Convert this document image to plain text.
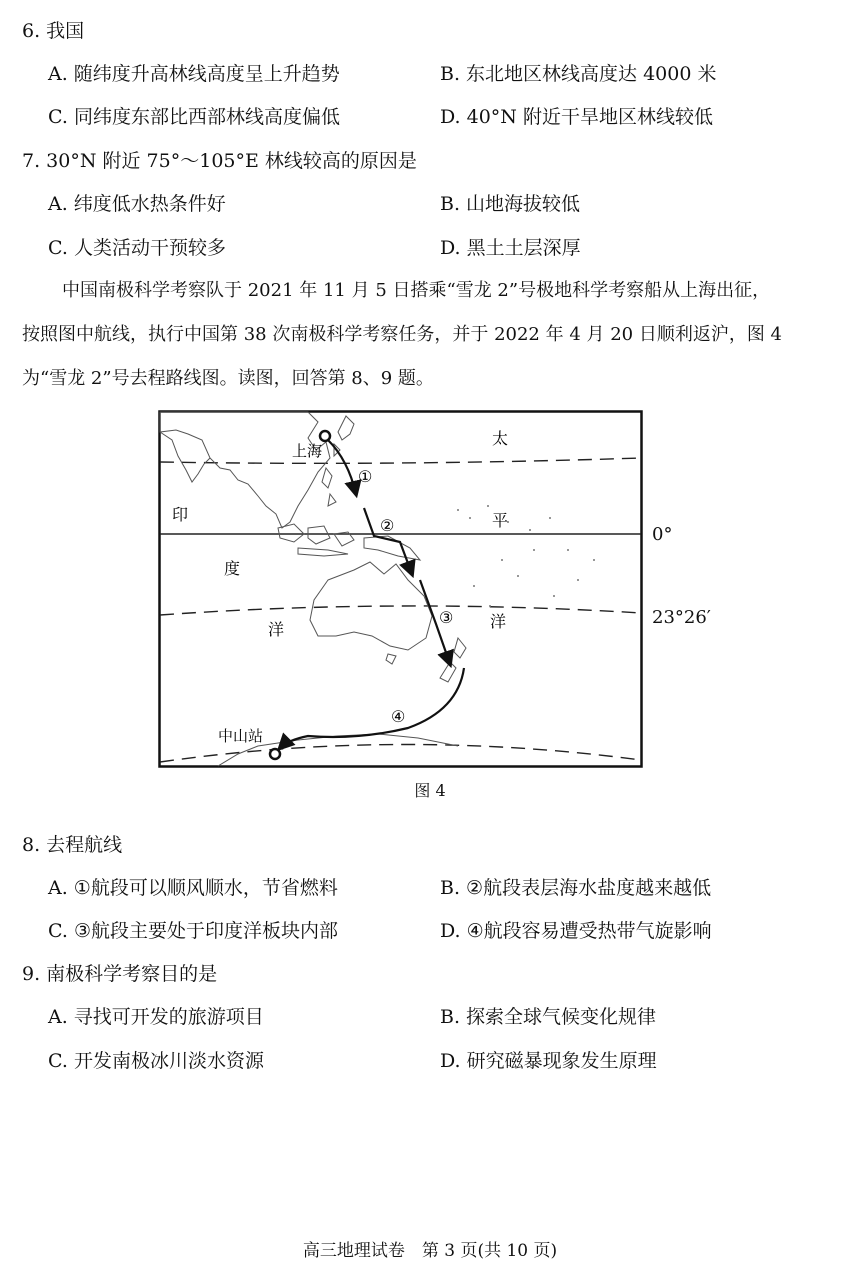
6. 我国
A. 随纬度升高林线高度呈上升趋势	B. 东北地区林线高度达 4000 米
C. 同纬度东部比西部林线高度偏低	D. 40°N 附近干旱地区林线较低
7. 30°N 附近 75°～105°E 林线较高的原因是
A. 纬度低水热条件好	B. 山地海拔较低
C. 人类活动干预较多	D. 黑土土层深厚
中国南极科学考察队于 2021 年 11 月 5 日搭乘“雪龙 2”号极地科学考察船从上海出征，
按照图中航线，执行中国第 38 次南极科学考察任务，并于 2022 年 4 月 20 日顺利返沪，图 4
为“雪龙 2”号去程路线图。读图，回答第 8、9 题。
上海
中山站
①
②
③
④
太
平
洋
印
度
洋
0°
23°26′
图 4
8. 去程航线
A. ①航段可以顺风顺水，节省燃料	B. ②航段表层海水盐度越来越低
C. ③航段主要处于印度洋板块内部	D. ④航段容易遭受热带气旋影响
9. 南极科学考察目的是
A. 寻找可开发的旅游项目	B. 探索全球气候变化规律
C. 开发南极冰川淡水资源	D. 研究磁暴现象发生原理
高三地理试卷　第 3 页(共 10 页)
